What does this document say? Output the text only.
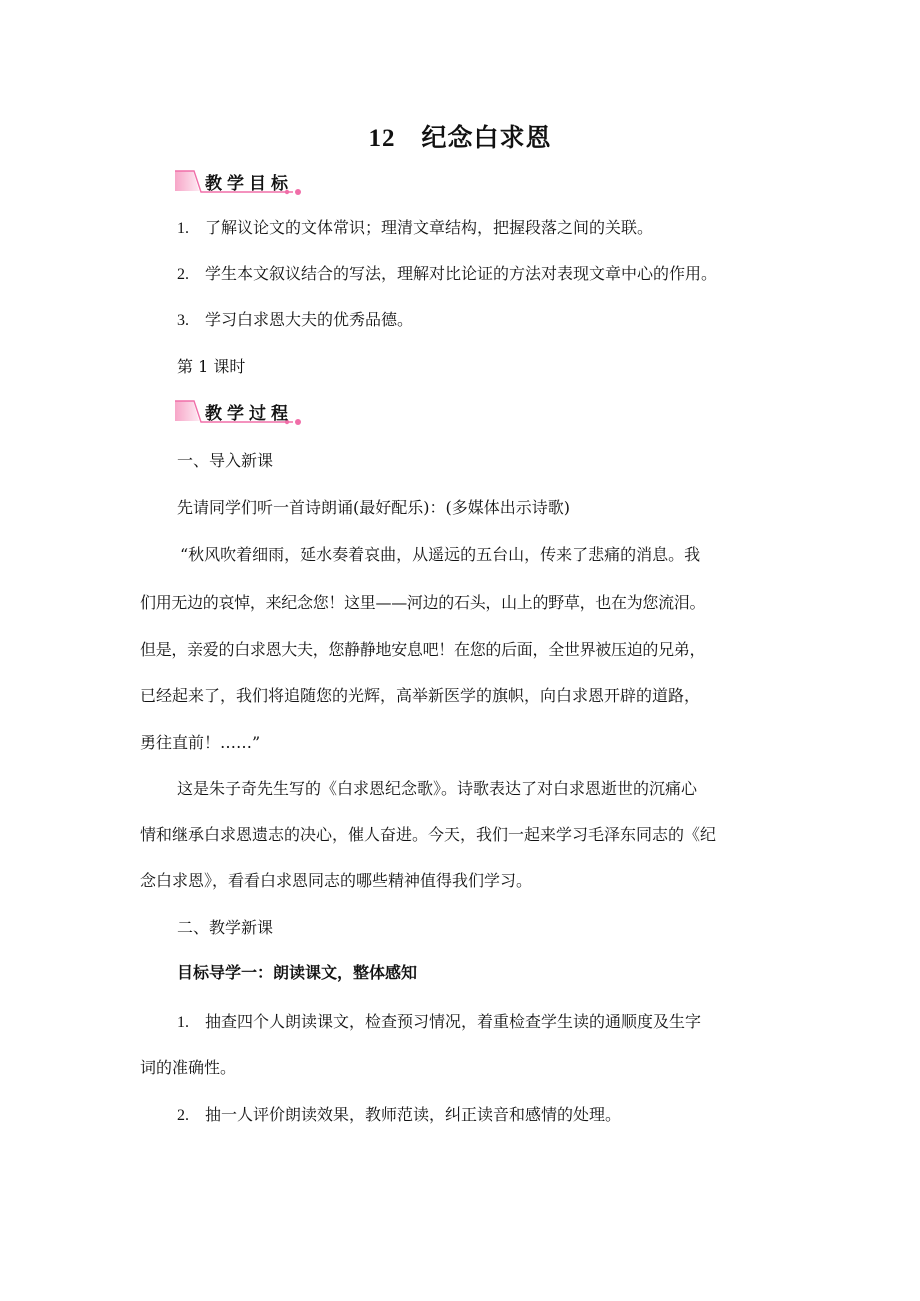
12 纪念白求恩
教学目标
1. 了解议论文的文体常识；理清文章结构，把握段落之间的关联。
2. 学生本文叙议结合的写法，理解对比论证的方法对表现文章中心的作用。
3. 学习白求恩大夫的优秀品德。
第 1 课时
教学过程
一、导入新课
先请同学们听一首诗朗诵(最好配乐)：(多媒体出示诗歌)
“秋风吹着细雨，延水奏着哀曲，从遥远的五台山，传来了悲痛的消息。我
们用无边的哀悼，来纪念您！这里——河边的石头，山上的野草，也在为您流泪。
但是，亲爱的白求恩大夫，您静静地安息吧！在您的后面，全世界被压迫的兄弟，
已经起来了，我们将追随您的光辉，高举新医学的旗帜，向白求恩开辟的道路，
勇往直前！……”
这是朱子奇先生写的《白求恩纪念歌》。诗歌表达了对白求恩逝世的沉痛心
情和继承白求恩遗志的决心，催人奋进。今天，我们一起来学习毛泽东同志的《纪
念白求恩》，看看白求恩同志的哪些精神值得我们学习。
二、教学新课
目标导学一：朗读课文，整体感知
1. 抽查四个人朗读课文，检查预习情况，着重检查学生读的通顺度及生字
词的准确性。
2. 抽一人评价朗读效果，教师范读，纠正读音和感情的处理。
